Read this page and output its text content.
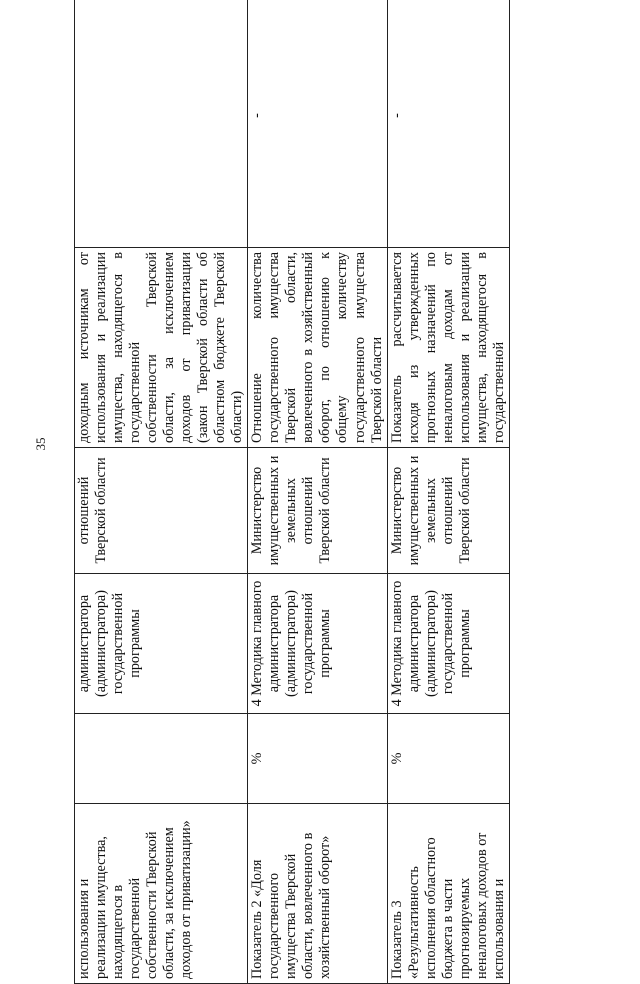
35
использования и реализации имущества, находящегося в государственной собственности Тверской области, за исключением доходов от приватизации»		администратора (администратора) государственной программы	отношений Тверской области	доходным источникам от использования и реализации имущества, находящегося в государственной собственности Тверской области, за исключением доходов от приватизации (закон Тверской области об областном бюджете Тверской области)	
Показатель 2 «Доля государственного имущества Тверской области, вовлеченного в хозяйственный оборот»	%	4 Методика главного администратора (администратора) государственной программы	Министерство имущественных и земельных отношений Тверской области	Отношение количества государственного имущества Тверской области, вовлеченного в хозяйственный оборот, по отношению к общему количеству государственного имущества Тверской области	-
Показатель 3 «Результативность исполнения областного бюджета в части прогнозируемых неналоговых доходов от использования и	%	4 Методика главного администратора (администратора) государственной программы	Министерство имущественных и земельных отношений Тверской области	Показатель рассчитывается исходя из утвержденных прогнозных назначений по неналоговым доходам от использования и реализации имущества, находящегося в государственной	-
